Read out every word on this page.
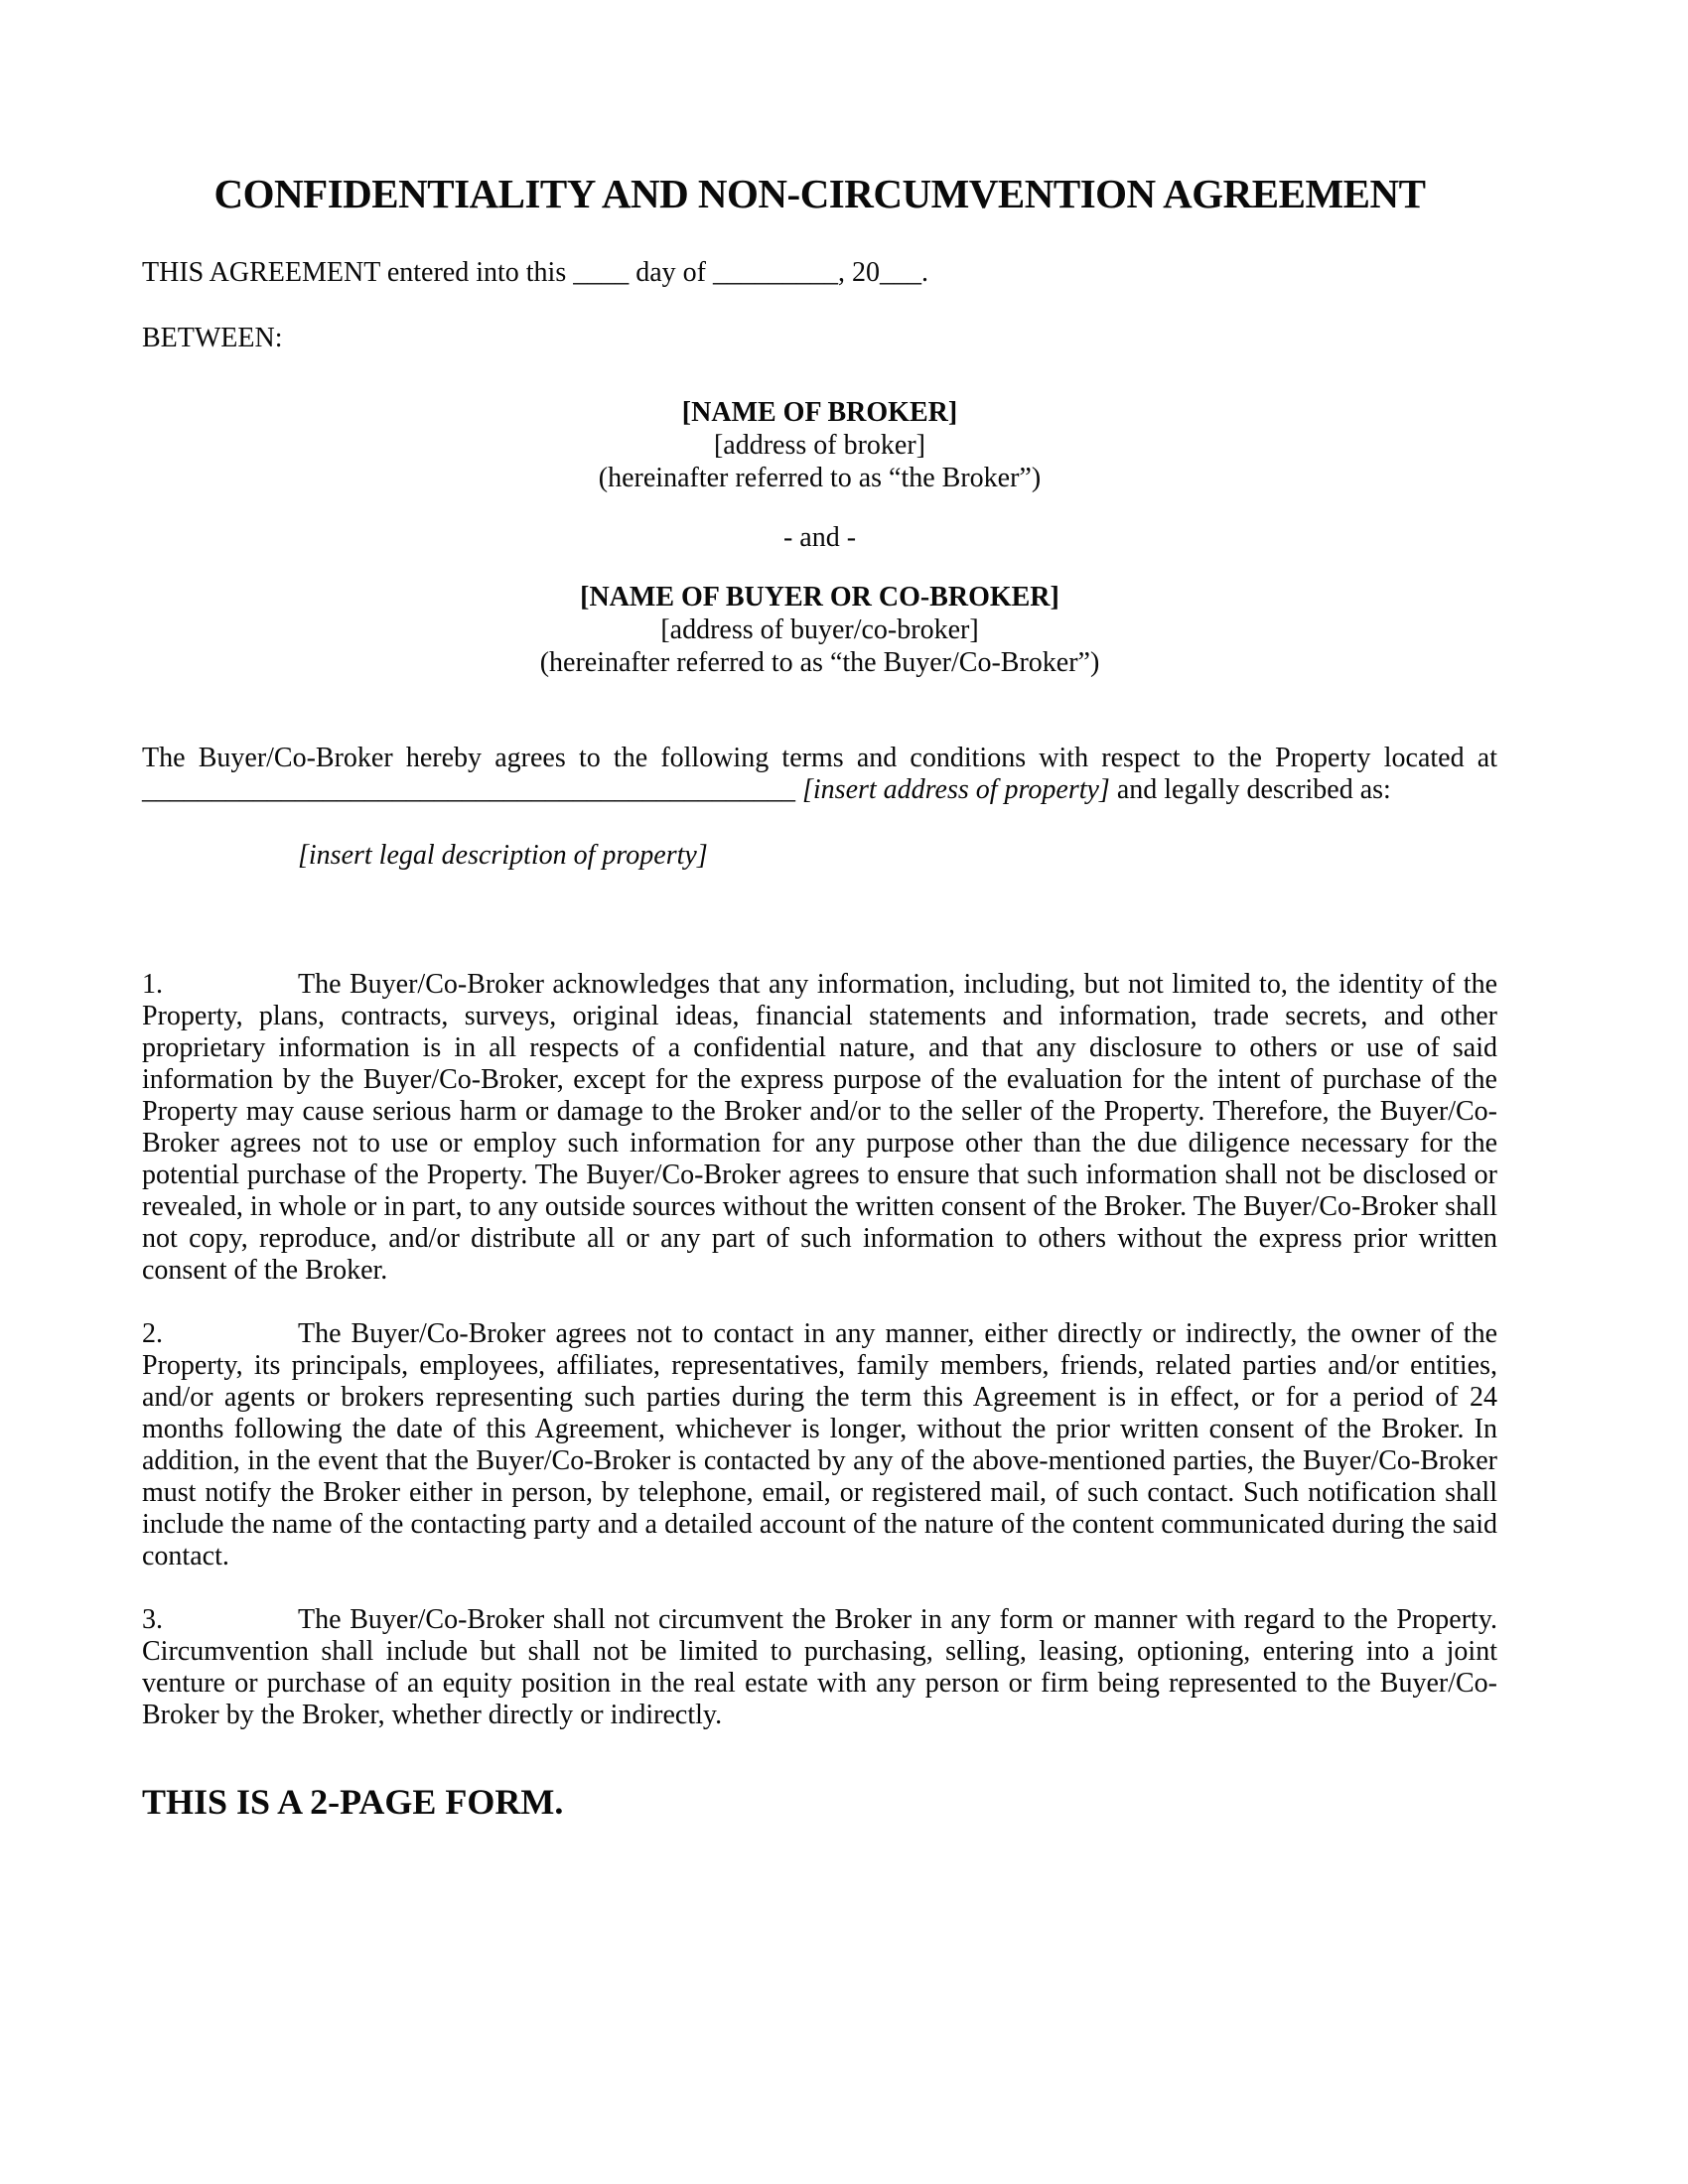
CONFIDENTIALITY AND NON-CIRCUMVENTION AGREEMENT

THIS AGREEMENT entered into this ____ day of _________, 20___.

BETWEEN:

[NAME OF BROKER]
[address of broker]
(hereinafter referred to as “the Broker”)
- and -
[NAME OF BUYER OR CO-BROKER]
[address of buyer/co-broker]
(hereinafter referred to as “the Buyer/Co-Broker”)

The Buyer/Co-Broker hereby agrees to the following terms and conditions with respect to the Property located at _______________________________________________ [insert address of property] and legally described as:

[insert legal description of property]

1.	The Buyer/Co-Broker acknowledges that any information, including, but not limited to, the identity of the Property, plans, contracts, surveys, original ideas, financial statements and information, trade secrets, and other proprietary information is in all respects of a confidential nature, and that any disclosure to others or use of said information by the Buyer/Co-Broker, except for the express purpose of the evaluation for the intent of purchase of the Property may cause serious harm or damage to the Broker and/or to the seller of the Property. Therefore, the Buyer/Co-Broker agrees not to use or employ such information for any purpose other than the due diligence necessary for the potential purchase of the Property. The Buyer/Co-Broker agrees to ensure that such information shall not be disclosed or revealed, in whole or in part, to any outside sources without the written consent of the Broker. The Buyer/Co-Broker shall not copy, reproduce, and/or distribute all or any part of such information to others without the express prior written consent of the Broker.
2.	The Buyer/Co-Broker agrees not to contact in any manner, either directly or indirectly, the owner of the Property, its principals, employees, affiliates, representatives, family members, friends, related parties and/or entities, and/or agents or brokers representing such parties during the term this Agreement is in effect, or for a period of 24 months following the date of this Agreement, whichever is longer, without the prior written consent of the Broker. In addition, in the event that the Buyer/Co-Broker is contacted by any of the above-mentioned parties, the Buyer/Co-Broker must notify the Broker either in person, by telephone, email, or registered mail, of such contact. Such notification shall include the name of the contacting party and a detailed account of the nature of the content communicated during the said contact.
3.	The Buyer/Co-Broker shall not circumvent the Broker in any form or manner with regard to the Property. Circumvention shall include but shall not be limited to purchasing, selling, leasing, optioning, entering into a joint venture or purchase of an equity position in the real estate with any person or firm being represented to the Buyer/Co-Broker by the Broker, whether directly or indirectly.

THIS IS A 2-PAGE FORM.
